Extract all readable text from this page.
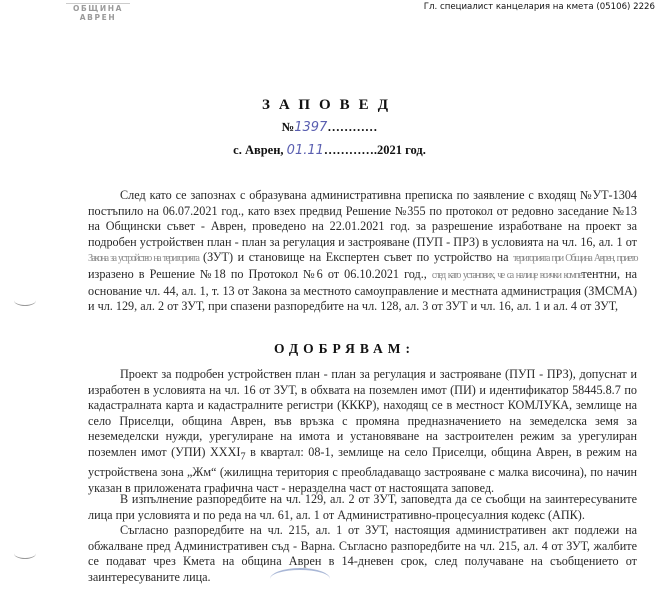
ОБЩИНА
АВРЕН
Гл. специалист канцелария на кмета (05106) 2226
ЗАПОВЕД
№1397…………
с. Аврен, 01.11………….2021 год.
След като се запознах с образувана административна преписка по заявление с входящ №УТ-1304 постъпило на 06.07.2021 год., като взех предвид Решение №355 по протокол от редовно заседание №13 на Общински съвет - Аврен, проведено на 22.01.2021 год. за разрешение изработване на проект за подробен устройствен план - план за регулация и застрояване (ПУП - ПРЗ) в условията на чл. 16, ал. 1 от Закона за устройство на територията (ЗУТ) и становище на Експертен съвет по устройство на територията при Община Аврен, прието изразено в Решение №18 по Протокол №6 от 06.10.2021 год., след като установих, че са налице всички компетентни, на основание чл. 44, ал. 1, т. 13 от Закона за местното самоуправление и местната администрация (ЗМСМА) и чл. 129, ал. 2 от ЗУТ, при спазени разпоредбите на чл. 128, ал. 3 от ЗУТ и чл. 16, ал. 1 и ал. 4 от ЗУТ,
ОДОБРЯВАМ:
Проект за подробен устройствен план - план за регулация и застрояване (ПУП - ПРЗ), допуснат и изработен в условията на чл. 16 от ЗУТ, в обхвата на поземлен имот (ПИ) и идентификатор 58445.8.7 по кадастралната карта и кадастралните регистри (КККР), находящ се в местност КОМЛУКА, землище на село Приселци, община Аврен, във връзка с промяна предназначението на земеделска земя за неземеделски нужди, урегулиране на имота и установяване на застроителен режим за урегулиран поземлен имот (УПИ) $XXXI_7$ в квартал: 08-1, землище на село Приселци, община Аврен, в режим на устройствена зона „Жм“ (жилищна територия с преобладаващо застрояване с малка височина), по начин указан в приложената графична част - неразделна част от настоящата заповед.
В изпълнение разпоредбите на чл. 129, ал. 2 от ЗУТ, заповедта да се съобщи на заинтересуваните лица при условията и по реда на чл. 61, ал. 1 от Административно-процесуалния кодекс (АПК).
Съгласно разпоредбите на чл. 215, ал. 1 от ЗУТ, настоящия административен акт подлежи на обжалване пред Административен съд - Варна. Съгласно разпоредбите на чл. 215, ал. 4 от ЗУТ, жалбите се подават чрез Кмета на община Аврен в 14-дневен срок, след получаване на съобщението от заинтересуваните лица.
